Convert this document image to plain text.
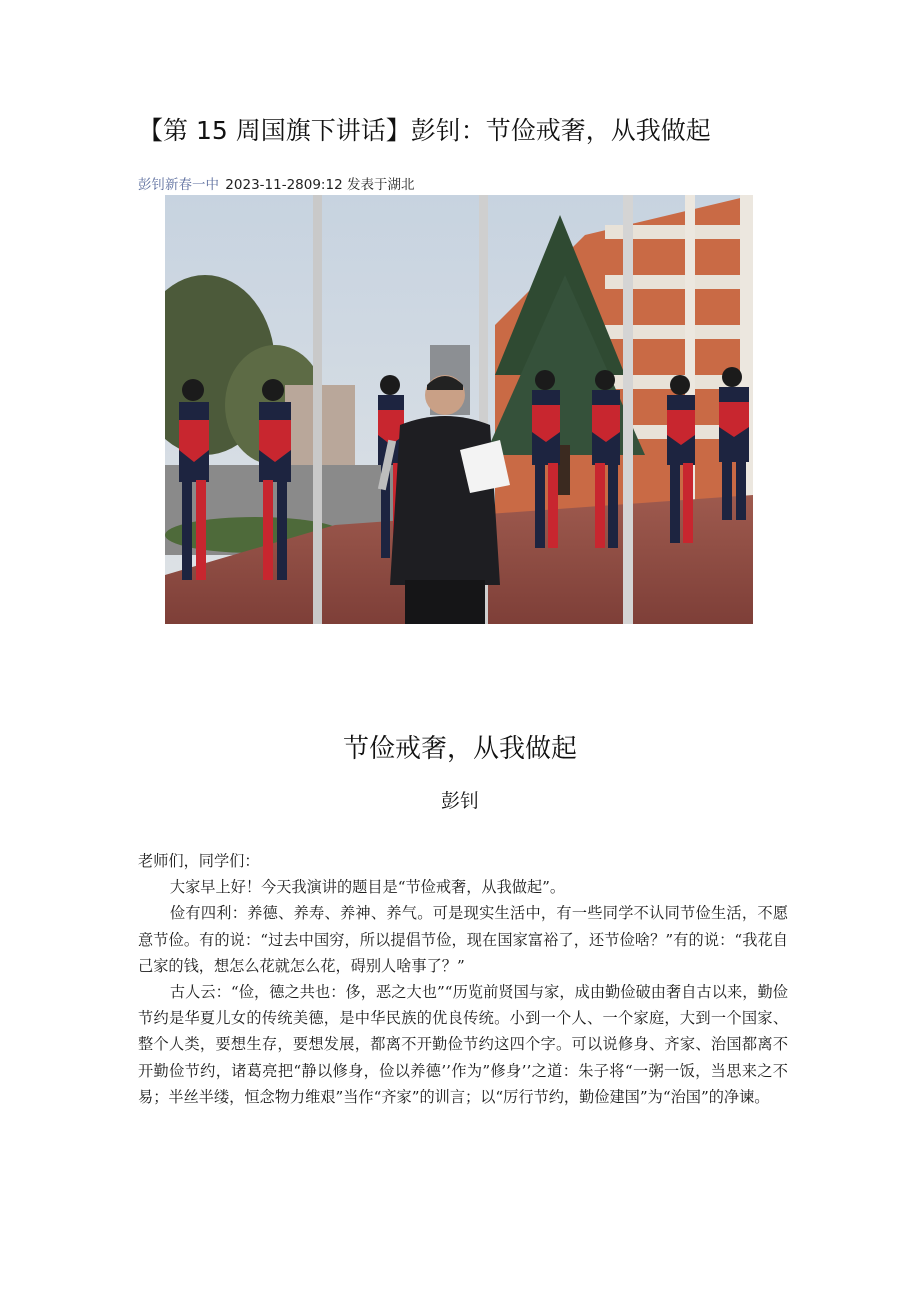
【第 15 周国旗下讲话】彭钊：节俭戒奢，从我做起
彭钊新春一中 2023-11-2809:12 发表于湖北
节俭戒奢，从我做起
彭钊

老师们，同学们：

大家早上好！今天我演讲的题目是“节俭戒奢，从我做起”。

俭有四利：养德、养寿、养神、养气。可是现实生活中，有一些同学不认同节俭生活，不愿意节俭。有的说：“过去中国穷，所以提倡节俭，现在国家富裕了，还节俭啥？”有的说：“我花自己家的钱，想怎么花就怎么花，碍别人啥事了？”

古人云：“俭，德之共也：侈，恶之大也”“历览前贤国与家，成由勤俭破由奢自古以来，勤俭节约是华夏儿女的传统美德，是中华民族的优良传统。小到一个人、一个家庭，大到一个国家、整个人类，要想生存，要想发展，都离不开勤俭节约这四个字。可以说修身、齐家、治国都离不开勤俭节约，诸葛亮把“静以修身，俭以养德’’作为”修身’’之道：朱子将“一粥一饭，当思来之不易；半丝半缕，恒念物力维艰”当作“齐家”的训言；以“厉行节约，勤俭建国”为“治国”的净谏。
